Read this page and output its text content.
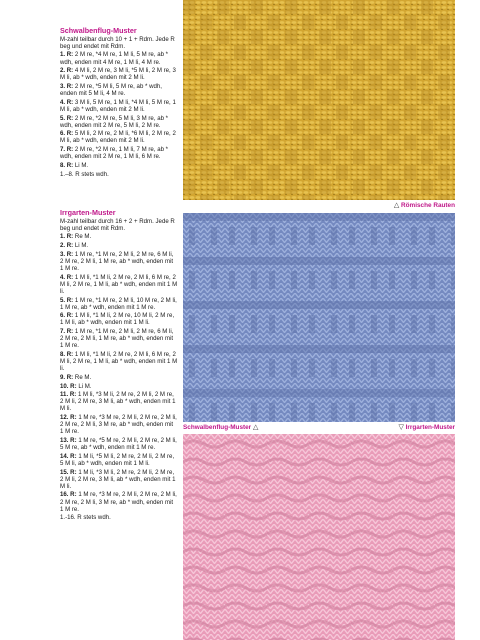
Schwalbenflug-Muster

M-zahl teilbar durch 10 + 1 + Rdm. Jede R beg und endet mit Rdm.

1. R: 2 M re, *4 M re, 1 M li, 5 M re, ab * wdh, enden mit 4 M re, 1 M li, 4 M re.

2. R: 4 M li, 2 M re, 3 M li, *5 M li, 2 M re, 3 M li, ab * wdh, enden mit 2 M li.

3. R: 2 M re, *5 M li, 5 M re, ab * wdh, enden mit 5 M li, 4 M re.

4. R: 3 M li, 5 M re, 1 M li, *4 M li, 5 M re, 1 M li, ab * wdh, enden mit 2 M li.

5. R: 2 M re, *2 M re, 5 M li, 3 M re, ab * wdh, enden mit 2 M re, 5 M li, 2 M re.

6. R: 5 M li, 2 M re, 2 M li, *6 M li, 2 M re, 2 M li, ab * wdh, enden mit 2 M li.

7. R: 2 M re, *2 M re, 1 M li, 7 M re, ab * wdh, enden mit 2 M re, 1 M li, 6 M re.

8. R: Li M.

1.–8. R stets wdh.

Irrgarten-Muster

M-zahl teilbar durch 16 + 2 + Rdm. Jede R beg und endet mit Rdm.

1. R: Re M.

2. R: Li M.

3. R: 1 M re, *1 M re, 2 M li, 2 M re, 6 M li, 2 M re, 2 M li, 1 M re, ab * wdh, enden mit 1 M re.

4. R: 1 M li, *1 M li, 2 M re, 2 M li, 6 M re, 2 M li, 2 M re, 1 M li, ab * wdh, enden mit 1 M li.

5. R: 1 M re, *1 M re, 2 M li, 10 M re, 2 M li, 1 M re, ab * wdh, enden mit 1 M re.

6. R: 1 M li, *1 M li, 2 M re, 10 M li, 2 M re, 1 M li, ab * wdh, enden mit 1 M li.

7. R: 1 M re, *1 M re, 2 M li, 2 M re, 6 M li, 2 M re, 2 M li, 1 M re, ab * wdh, enden mit 1 M re.

8. R: 1 M li, *1 M li, 2 M re, 2 M li, 6 M re, 2 M li, 2 M re, 1 M li, ab * wdh, enden mit 1 M li.

9. R: Re M.

10. R: Li M.

11. R: 1 M li, *3 M li, 2 M re, 2 M li, 2 M re, 2 M li, 2 M re, 3 M li, ab * wdh, enden mit 1 M li.

12. R: 1 M re, *3 M re, 2 M li, 2 M re, 2 M li, 2 M re, 2 M li, 3 M re, ab * wdh, enden mit 1 M re.

13. R: 1 M re, *5 M re, 2 M li, 2 M re, 2 M li, 5 M re, ab * wdh, enden mit 1 M re.

14. R: 1 M li, *5 M li, 2 M re, 2 M li, 2 M re, 5 M li, ab * wdh, enden mit 1 M li.

15. R: 1 M li, *3 M li, 2 M re, 2 M li, 2 M re, 2 M li, 2 M re, 3 M li, ab * wdh, enden mit 1 M li.

16. R: 1 M re, *3 M re, 2 M li, 2 M re, 2 M li, 2 M re, 2 M li, 3 M re, ab * wdh, enden mit 1 M re.

1.-16. R stets wdh.

△ Römische Rauten
Schwalbenflug-Muster △	▽ Irrgarten-Muster
